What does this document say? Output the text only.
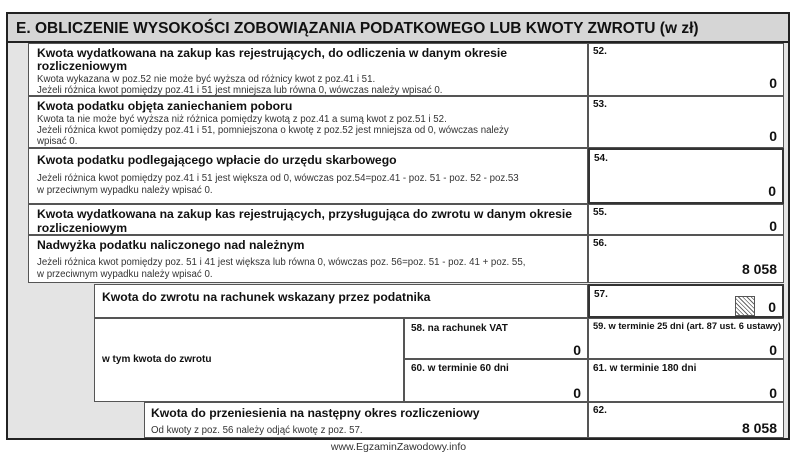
E. OBLICZENIE WYSOKOŚCI ZOBOWIĄZANIA PODATKOWEGO LUB KWOTY ZWROTU (w zł)
Kwota wydatkowana na zakup kas rejestrujących, do odliczenia w danym okresie
rozliczeniowym
Kwota wykazana w poz.52 nie może być wyższa od różnicy kwot z poz.41 i 51.
Jeżeli różnica kwot pomiędzy poz.41 i 51 jest mniejsza lub równa 0, wówczas należy wpisać 0.
52.
0
Kwota podatku objęta zaniechaniem poboru
Kwota ta nie może być wyższa niż różnica pomiędzy kwotą z poz.41 a sumą kwot z poz.51 i 52.
Jeżeli różnica kwot pomiędzy poz.41 i 51, pomniejszona o kwotę z poz.52 jest mniejsza od 0, wówczas należy
wpisać 0.
53.
0
Kwota podatku podlegającego wpłacie do urzędu skarbowego
Jeżeli różnica kwot pomiędzy poz.41 i 51 jest większa od 0, wówczas poz.54=poz.41 - poz. 51 - poz. 52 - poz.53
w przeciwnym wypadku należy wpisać 0.
54.
0
Kwota wydatkowana na zakup kas rejestrujących, przysługująca do zwrotu w danym okresie
rozliczeniowym
55.
0
Nadwyżka podatku naliczonego nad należnym
Jeżeli różnica kwot pomiędzy poz. 51 i 41 jest większa lub równa 0, wówczas poz. 56=poz. 51 - poz. 41 + poz. 55,
w przeciwnym wypadku należy wpisać 0.
56.
8 058
Kwota do zwrotu na rachunek wskazany przez podatnika	57.
0
w tym kwota do zwrotu
58. na rachunek VAT
0
59. w terminie 25 dni (art. 87 ust. 6 ustawy)
0
60. w terminie 60 dni
0
61. w terminie 180 dni
0
Kwota do przeniesienia na następny okres rozliczeniowy
Od kwoty z poz. 56 należy odjąć kwotę z poz. 57.
62.
8 058
www.EgzaminZawodowy.info
